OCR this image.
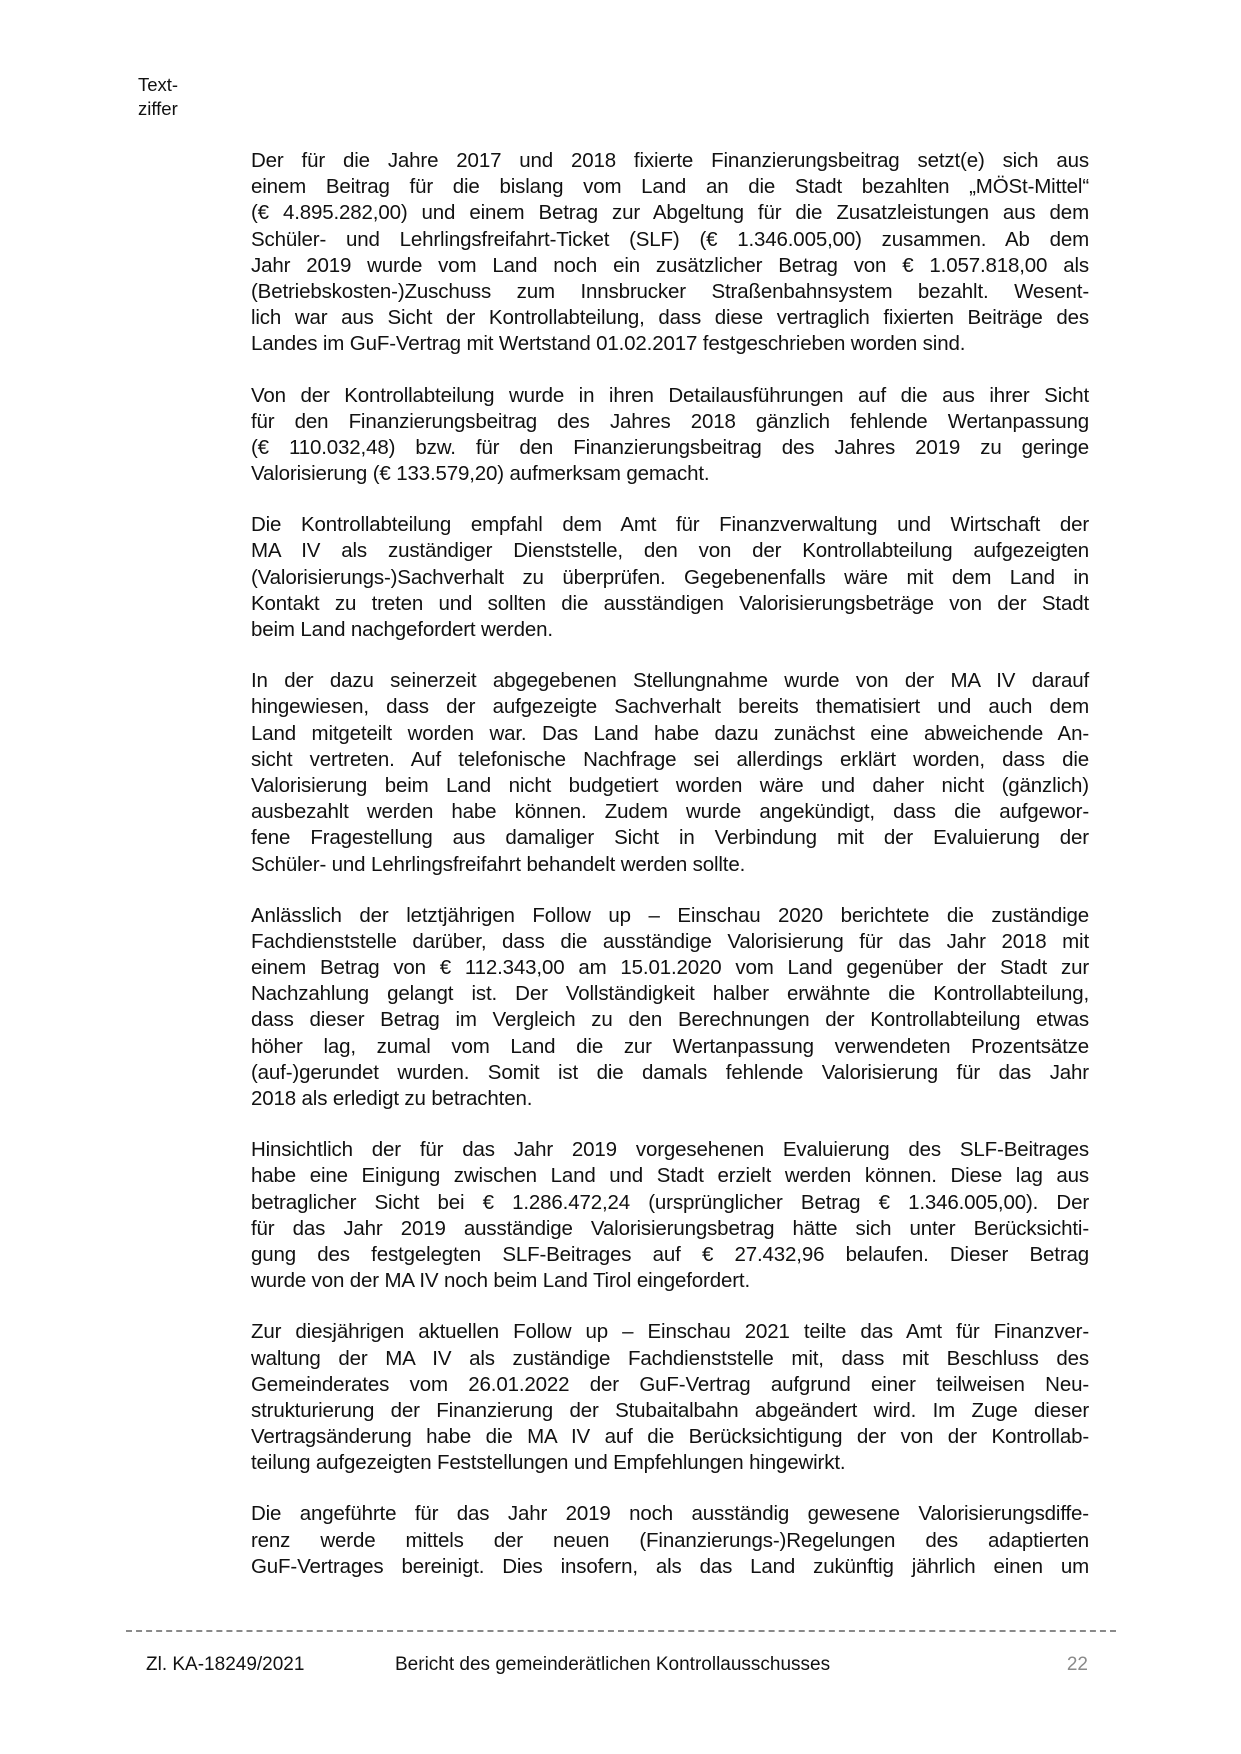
Text-
ziffer
Der für die Jahre 2017 und 2018 fixierte Finanzierungsbeitrag setzt(e) sich aus
einem Beitrag für die bislang vom Land an die Stadt bezahlten „MÖSt-Mittel“
(€ 4.895.282,00) und einem Betrag zur Abgeltung für die Zusatzleistungen aus dem
Schüler- und Lehrlingsfreifahrt-Ticket (SLF) (€ 1.346.005,00) zusammen. Ab dem
Jahr 2019 wurde vom Land noch ein zusätzlicher Betrag von € 1.057.818,00 als
(Betriebskosten-)Zuschuss zum Innsbrucker Straßenbahnsystem bezahlt. Wesent-
lich war aus Sicht der Kontrollabteilung, dass diese vertraglich fixierten Beiträge des
Landes im GuF-Vertrag mit Wertstand 01.02.2017 festgeschrieben worden sind.
Von der Kontrollabteilung wurde in ihren Detailausführungen auf die aus ihrer Sicht
für den Finanzierungsbeitrag des Jahres 2018 gänzlich fehlende Wertanpassung
(€ 110.032,48) bzw. für den Finanzierungsbeitrag des Jahres 2019 zu geringe
Valorisierung (€ 133.579,20) aufmerksam gemacht.
Die Kontrollabteilung empfahl dem Amt für Finanzverwaltung und Wirtschaft der
MA IV als zuständiger Dienststelle, den von der Kontrollabteilung aufgezeigten
(Valorisierungs-)Sachverhalt zu überprüfen. Gegebenenfalls wäre mit dem Land in
Kontakt zu treten und sollten die ausständigen Valorisierungsbeträge von der Stadt
beim Land nachgefordert werden.
In der dazu seinerzeit abgegebenen Stellungnahme wurde von der MA IV darauf
hingewiesen, dass der aufgezeigte Sachverhalt bereits thematisiert und auch dem
Land mitgeteilt worden war. Das Land habe dazu zunächst eine abweichende An-
sicht vertreten. Auf telefonische Nachfrage sei allerdings erklärt worden, dass die
Valorisierung beim Land nicht budgetiert worden wäre und daher nicht (gänzlich)
ausbezahlt werden habe können. Zudem wurde angekündigt, dass die aufgewor-
fene Fragestellung aus damaliger Sicht in Verbindung mit der Evaluierung der
Schüler- und Lehrlingsfreifahrt behandelt werden sollte.
Anlässlich der letztjährigen Follow up – Einschau 2020 berichtete die zuständige
Fachdienststelle darüber, dass die ausständige Valorisierung für das Jahr 2018 mit
einem Betrag von € 112.343,00 am 15.01.2020 vom Land gegenüber der Stadt zur
Nachzahlung gelangt ist. Der Vollständigkeit halber erwähnte die Kontrollabteilung,
dass dieser Betrag im Vergleich zu den Berechnungen der Kontrollabteilung etwas
höher lag, zumal vom Land die zur Wertanpassung verwendeten Prozentsätze
(auf-)gerundet wurden. Somit ist die damals fehlende Valorisierung für das Jahr
2018 als erledigt zu betrachten.
Hinsichtlich der für das Jahr 2019 vorgesehenen Evaluierung des SLF-Beitrages
habe eine Einigung zwischen Land und Stadt erzielt werden können. Diese lag aus
betraglicher Sicht bei € 1.286.472,24 (ursprünglicher Betrag € 1.346.005,00). Der
für das Jahr 2019 ausständige Valorisierungsbetrag hätte sich unter Berücksichti-
gung des festgelegten SLF-Beitrages auf € 27.432,96 belaufen. Dieser Betrag
wurde von der MA IV noch beim Land Tirol eingefordert.
Zur diesjährigen aktuellen Follow up – Einschau 2021 teilte das Amt für Finanzver-
waltung der MA IV als zuständige Fachdienststelle mit, dass mit Beschluss des
Gemeinderates vom 26.01.2022 der GuF-Vertrag aufgrund einer teilweisen Neu-
strukturierung der Finanzierung der Stubaitalbahn abgeändert wird. Im Zuge dieser
Vertragsänderung habe die MA IV auf die Berücksichtigung der von der Kontrollab-
teilung aufgezeigten Feststellungen und Empfehlungen hingewirkt.
Die angeführte für das Jahr 2019 noch ausständig gewesene Valorisierungsdiffe-
renz werde mittels der neuen (Finanzierungs-)Regelungen des adaptierten
GuF-Vertrages bereinigt. Dies insofern, als das Land zukünftig jährlich einen um
Zl. KA-18249/2021	Bericht des gemeinderätlichen Kontrollausschusses	22
